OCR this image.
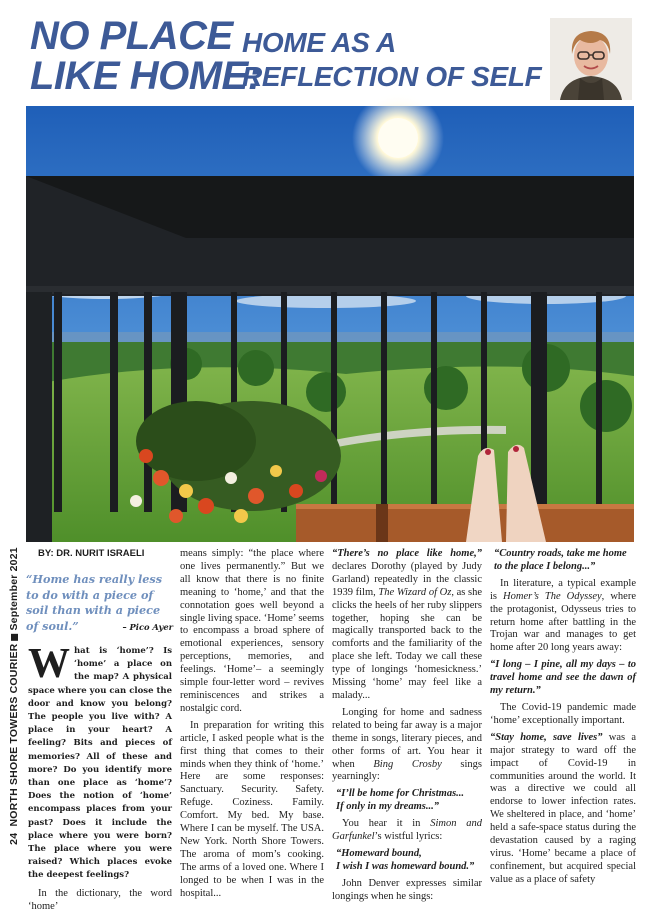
24  NORTH SHORE TOWERS COURIERSeptember 2021
NO PLACE
LIKE HOME:
HOME AS A
REFLECTION OF SELF
BY: DR. NURIT ISRAELI
“Home has really less to do with a piece of soil than with a piece of soul.”	– Pico Ayer

What is ‘home’? Is ‘home’ a place on the map? A physical space where you can close the door and know you belong? The people you live with? A place in your heart? A feeling? Bits and pieces of memories? All of these and more? Do you identify more than one place as ‘home’? Does the notion of ‘home’ encompass places from your past? Does it include the place where you were born? The place where you were raised? Which places evoke the deepest feelings?

In the dictionary, the word ‘home’

means simply: “the place where one lives permanently.” But we all know that there is no finite meaning to ‘home,’ and that the connotation goes well beyond a single living space. ‘Home’ seems to encompass a broad sphere of emotional experiences, sensory perceptions, memories, and feelings. ‘Home’– a seemingly simple four-letter word – revives reminiscences and strikes a nostalgic cord.

In preparation for writing this article, I asked people what is the first thing that comes to their minds when they think of ‘home.’ Here are some responses: Sanctuary. Security. Safety. Refuge. Coziness. Family. Comfort. My bed. My base. Where I can be myself. The USA. New York. North Shore Towers. The aroma of mom’s cooking. The arms of a loved one. Where I longed to be when I was in the hospital...

“There’s no place like home,” declares Dorothy (played by Judy Garland) repeatedly in the classic 1939 film, The Wizard of Oz, as she clicks the heels of her ruby slippers together, hoping she can be magically transported back to the comforts and the familiarity of the place she left. Today we call these type of longings ‘homesickness.’ Missing ‘home’ may feel like a malady...

Longing for home and sadness related to being far away is a major theme in songs, literary pieces, and other forms of art. You hear it when Bing Crosby sings yearningly:

“I’ll be home for Christmas...
If only in my dreams...”

You hear it in Simon and Garfunkel’s wistful lyrics:

“Homeward bound,
I wish I was homeward bound.”

John Denver expresses similar longings when he sings:

“Country roads, take me home
to the place I belong...”

In literature, a typical example is Homer’s The Odyssey, where the protagonist, Odysseus tries to return home after battling in the Trojan war and manages to get home after 20 long years away:

“I long – I pine, all my days – to travel home and see the dawn of my return.”

The Covid-19 pandemic made ‘home’ exceptionally important.

“Stay home, save lives” was a major strategy to ward off the impact of Covid-19 in communities around the world. It was a directive we could all endorse to lower infection rates. We sheltered in place, and ‘home’ held a safe-space status during the devastation caused by a raging virus. ‘Home’ became a place of confinement, but acquired special value as a place of safety
